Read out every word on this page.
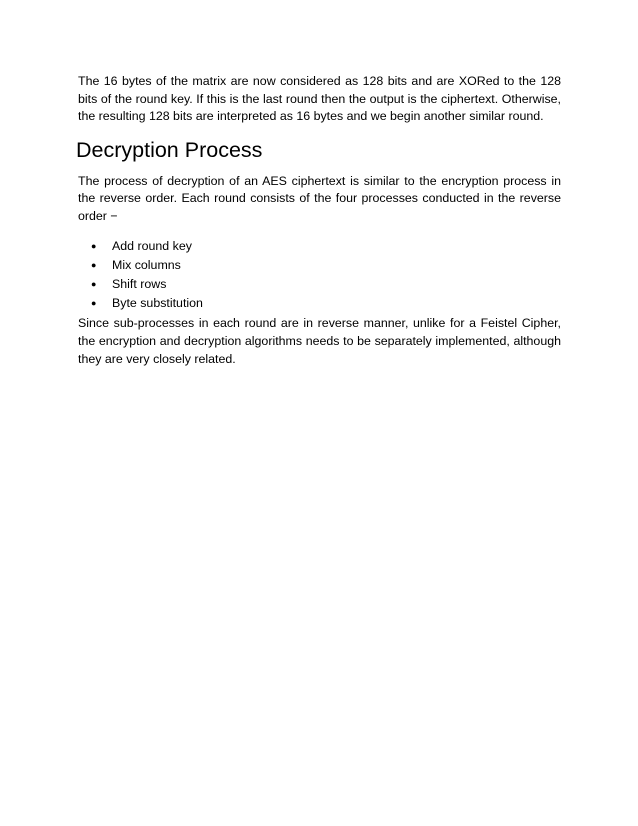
The 16 bytes of the matrix are now considered as 128 bits and are XORed to the 128 bits of the round key. If this is the last round then the output is the ciphertext. Otherwise, the resulting 128 bits are interpreted as 16 bytes and we begin another similar round.

Decryption Process

The process of decryption of an AES ciphertext is similar to the encryption process in the reverse order. Each round consists of the four processes conducted in the reverse order −

●	Add round key
●	Mix columns
●	Shift rows
●	Byte substitution

Since sub-processes in each round are in reverse manner, unlike for a Feistel Cipher, the encryption and decryption algorithms needs to be separately implemented, although they are very closely related.
